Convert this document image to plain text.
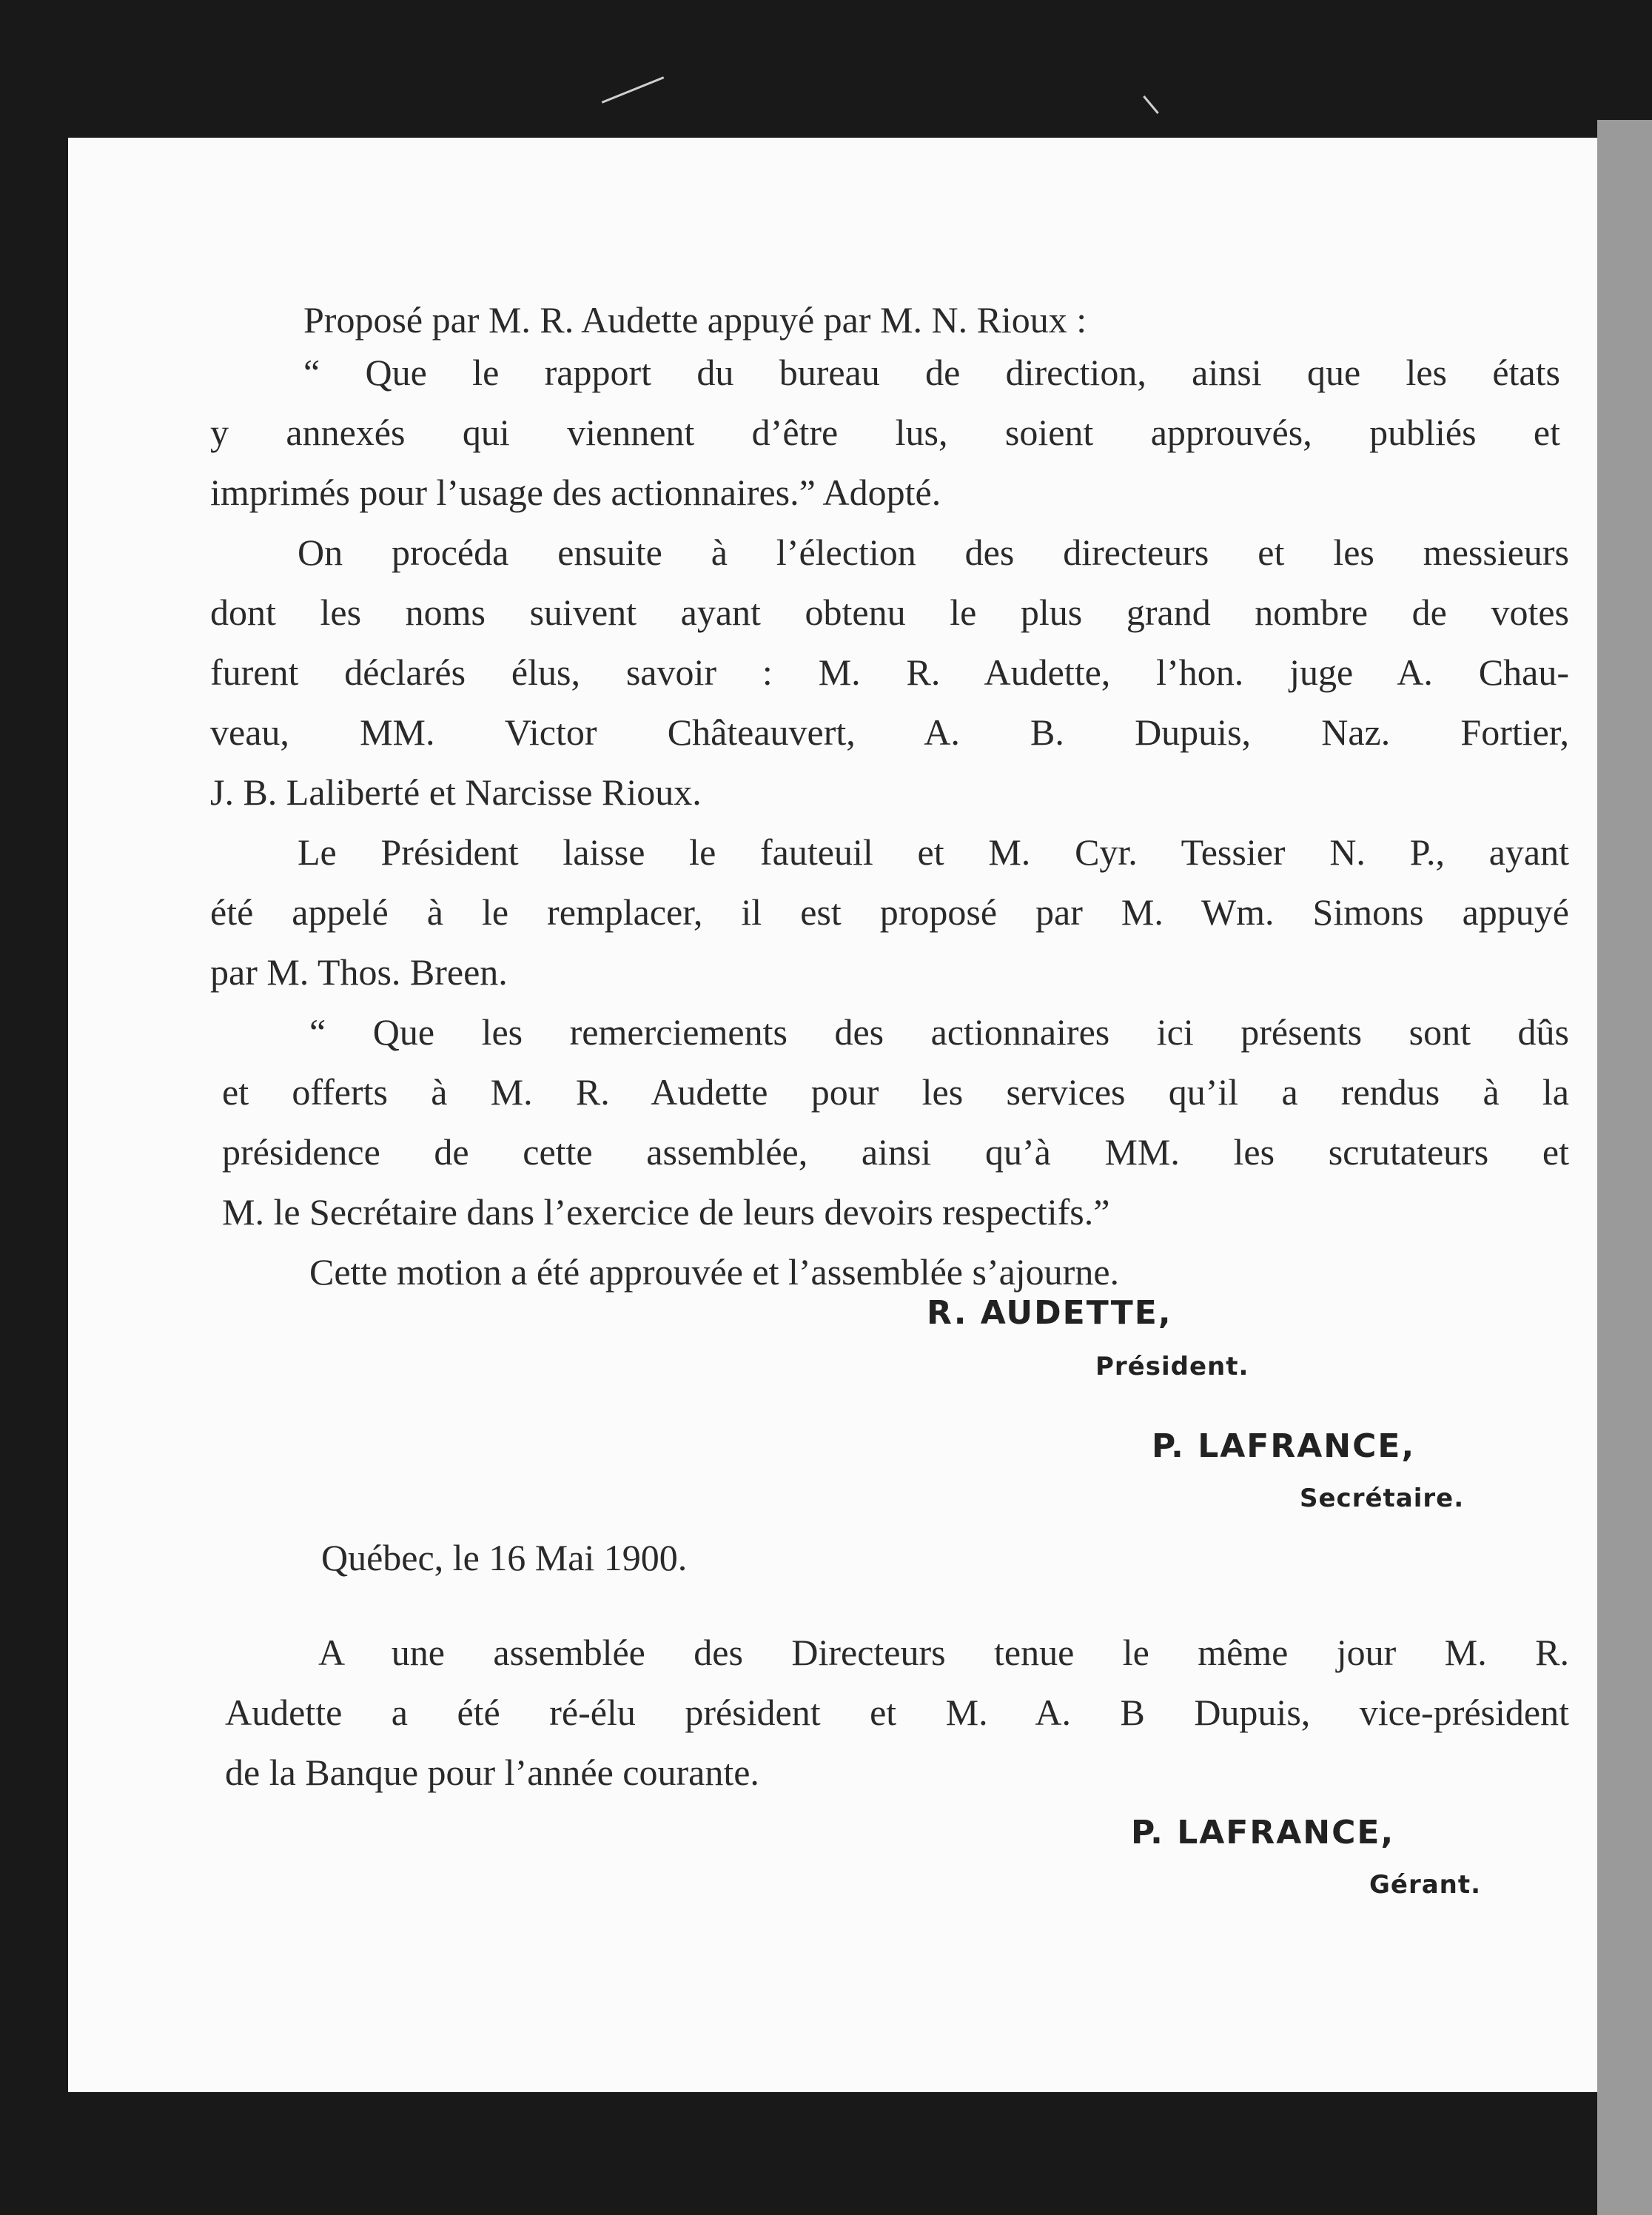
Proposé par M. R. Audette appuyé par M. N. Rioux :
“ Que le rapport du bureau de direction, ainsi que les états
y annexés qui viennent d’être lus, soient approuvés, publiés et
imprimés pour l’usage des actionnaires.” Adopté.
On procéda ensuite à l’élection des directeurs et les messieurs
dont les noms suivent ayant obtenu le plus grand nombre de votes
furent déclarés élus, savoir : M. R. Audette, l’hon. juge A. Chau-
veau, MM. Victor Châteauvert, A. B. Dupuis, Naz. Fortier,
J. B. Laliberté et Narcisse Rioux.
Le Président laisse le fauteuil et M. Cyr. Tessier N. P., ayant
été appelé à le remplacer, il est proposé par M. Wm. Simons appuyé
par M. Thos. Breen.
“ Que les remerciements des actionnaires ici présents sont dûs
et offerts à M. R. Audette pour les services qu’il a rendus à la
présidence de cette assemblée, ainsi qu’à MM. les scrutateurs et
M. le Secrétaire dans l’exercice de leurs devoirs respectifs.”
Cette motion a été approuvée et l’assemblée s’ajourne.
R. AUDETTE,
Président.
P. LAFRANCE,
Secrétaire.
Québec, le 16 Mai 1900.
A une assemblée des Directeurs tenue le même jour M. R.
Audette a été ré-élu président et M. A. B Dupuis, vice-président
de la Banque pour l’année courante.
P. LAFRANCE,
Gérant.
